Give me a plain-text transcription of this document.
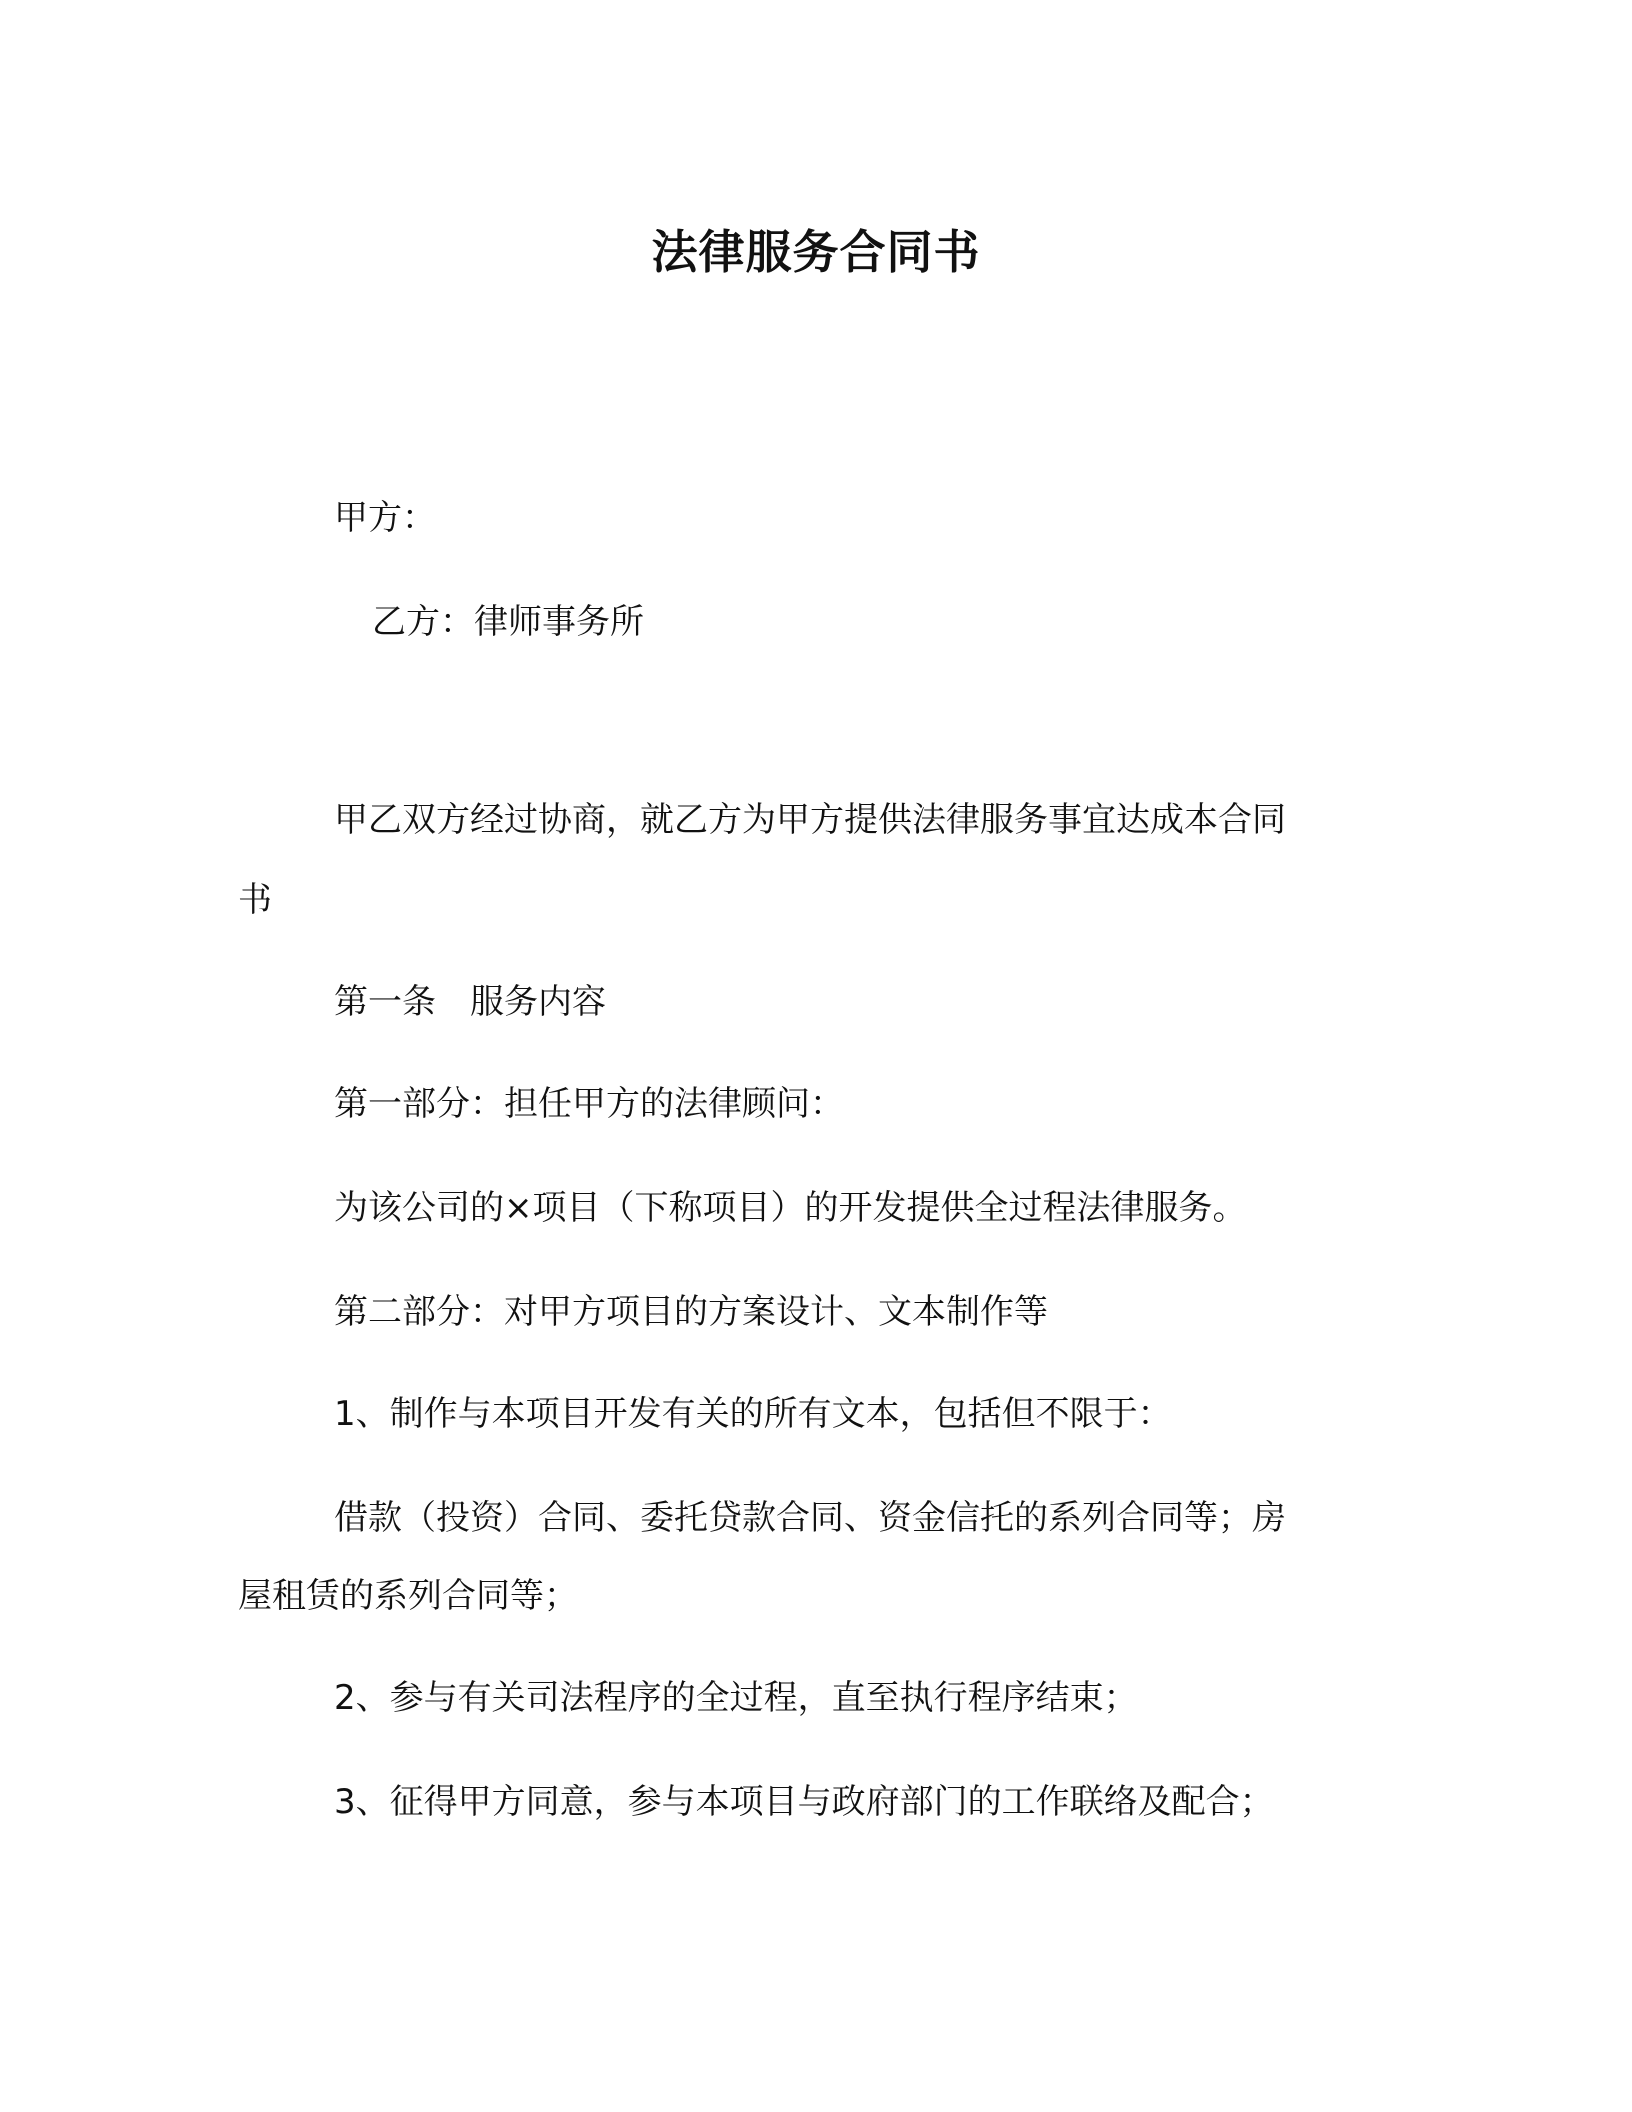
法律服务合同书
甲方：
乙方：律师事务所
甲乙双方经过协商，就乙方为甲方提供法律服务事宜达成本合同
书
第一条　服务内容
第一部分：担任甲方的法律顾问：
为该公司的×项目（下称项目）的开发提供全过程法律服务。
第二部分：对甲方项目的方案设计、文本制作等
1、制作与本项目开发有关的所有文本，包括但不限于：
借款（投资）合同、委托贷款合同、资金信托的系列合同等；房
屋租赁的系列合同等；
2、参与有关司法程序的全过程，直至执行程序结束；
3、征得甲方同意，参与本项目与政府部门的工作联络及配合；
